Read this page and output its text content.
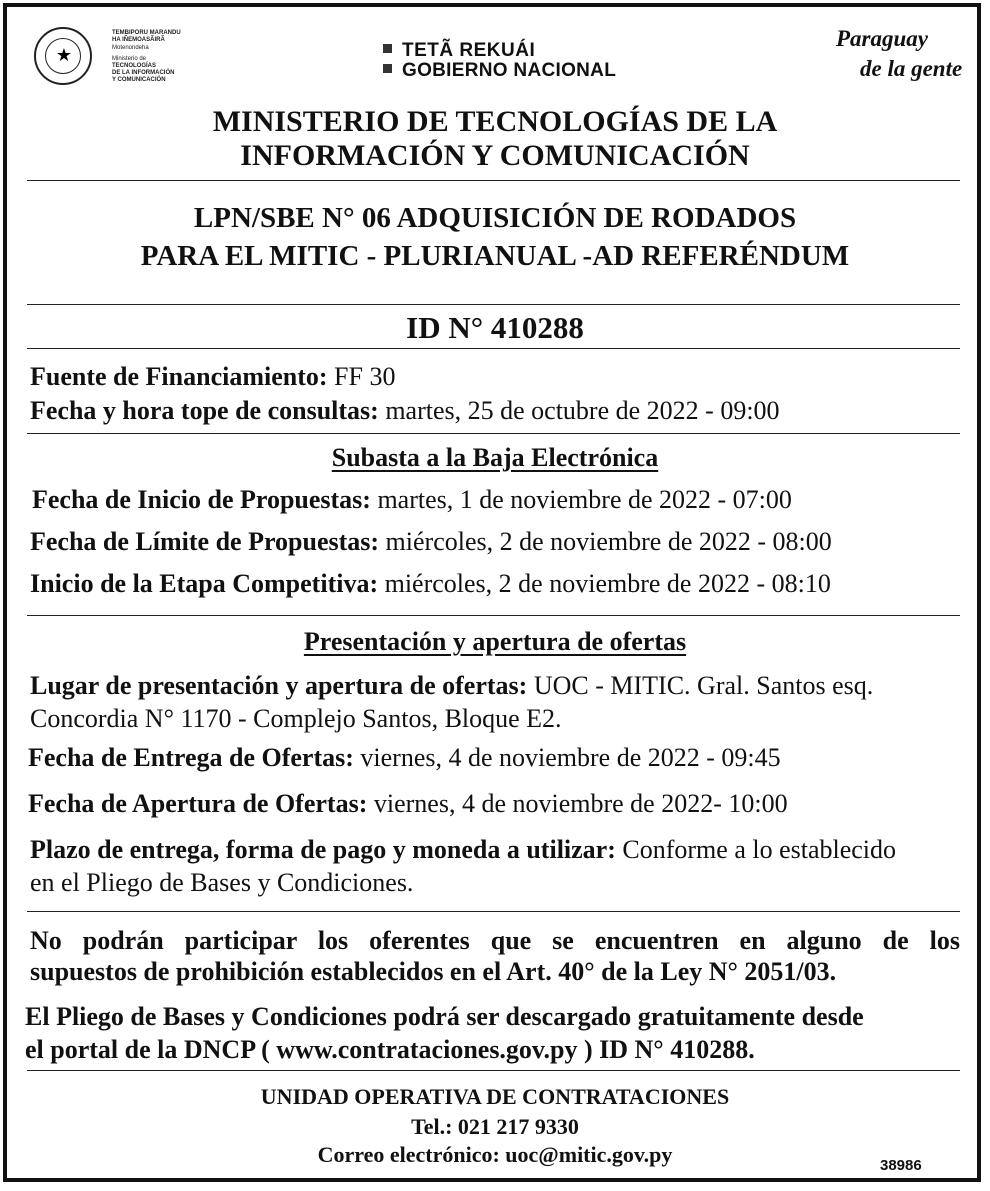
★
TEMBIPORU MARANDU
HA IÑEMOASÃIRÃ
Motenondeha
Ministerio de
TECNOLOGÍAS
DE LA INFORMACIÓN
Y COMUNICACIÓN
TETÃ REKUÁI
GOBIERNO NACIONAL
Paraguay
de la gente
MINISTERIO DE TECNOLOGÍAS DE LA
INFORMACIÓN Y COMUNICACIÓN
LPN/SBE N° 06 ADQUISICIÓN DE RODADOS
PARA EL MITIC - PLURIANUAL -AD REFERÉNDUM
ID N° 410288
Fuente de Financiamiento: FF 30
Fecha y hora tope de consultas: martes, 25 de octubre de 2022 - 09:00
Subasta a la Baja Electrónica
Fecha de Inicio de Propuestas: martes, 1 de noviembre de 2022 - 07:00
Fecha de Límite de Propuestas: miércoles, 2 de noviembre de 2022 - 08:00
Inicio de la Etapa Competitiva: miércoles, 2 de noviembre de 2022 - 08:10
Presentación y apertura de ofertas
Lugar de presentación y apertura de ofertas: UOC - MITIC. Gral. Santos esq.
Concordia N° 1170 - Complejo Santos, Bloque E2.
Fecha de Entrega de Ofertas: viernes, 4 de noviembre de 2022 - 09:45
Fecha de Apertura de Ofertas: viernes, 4 de noviembre de 2022- 10:00
Plazo de entrega, forma de pago y moneda a utilizar: Conforme a lo establecido
en el Pliego de Bases y Condiciones.
No podrán participar los oferentes que se encuentren en alguno de los
supuestos de prohibición establecidos en el Art. 40° de la Ley N° 2051/03.
El Pliego de Bases y Condiciones podrá ser descargado gratuitamente desde
el portal de la DNCP ( www.contrataciones.gov.py ) ID N° 410288.
UNIDAD OPERATIVA DE CONTRATACIONES
Tel.: 021 217 9330
Correo electrónico: uoc@mitic.gov.py	38986
